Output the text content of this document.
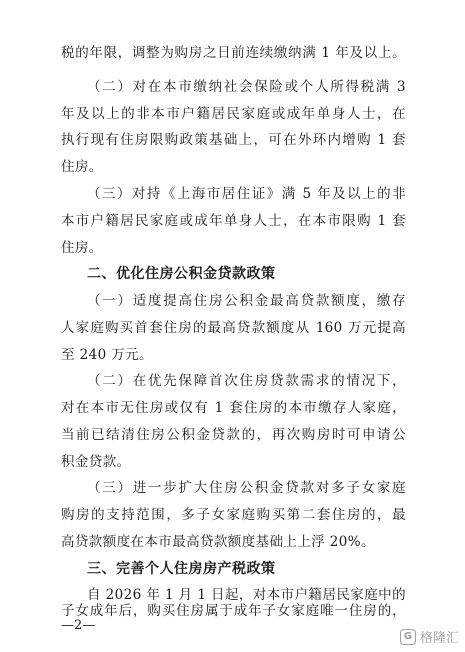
税的年限，调整为购房之日前连续缴纳满 1 年及以上。
（二）对在本市缴纳社会保险或个人所得税满 3
年及以上的非本市户籍居民家庭或成年单身人士，在
执行现有住房限购政策基础上，可在外环内增购 1 套
住房。
（三）对持《上海市居住证》满 5 年及以上的非
本市户籍居民家庭或成年单身人士，在本市限购 1 套
住房。
二、优化住房公积金贷款政策
（一）适度提高住房公积金最高贷款额度，缴存
人家庭购买首套住房的最高贷款额度从 160 万元提高
至 240 万元。
（二）在优先保障首次住房贷款需求的情况下，
对在本市无住房或仅有 1 套住房的本市缴存人家庭，
当前已结清住房公积金贷款的，再次购房时可申请公
积金贷款。
（三）进一步扩大住房公积金贷款对多子女家庭
购房的支持范围，多子女家庭购买第二套住房的，最
高贷款额度在本市最高贷款额度基础上上浮 20%。
三、完善个人住房房产税政策
自 2026 年 1 月 1 日起，对本市户籍居民家庭中的
子女成年后，购买住房属于成年子女家庭唯一住房的，
—2—
G 格隆汇
